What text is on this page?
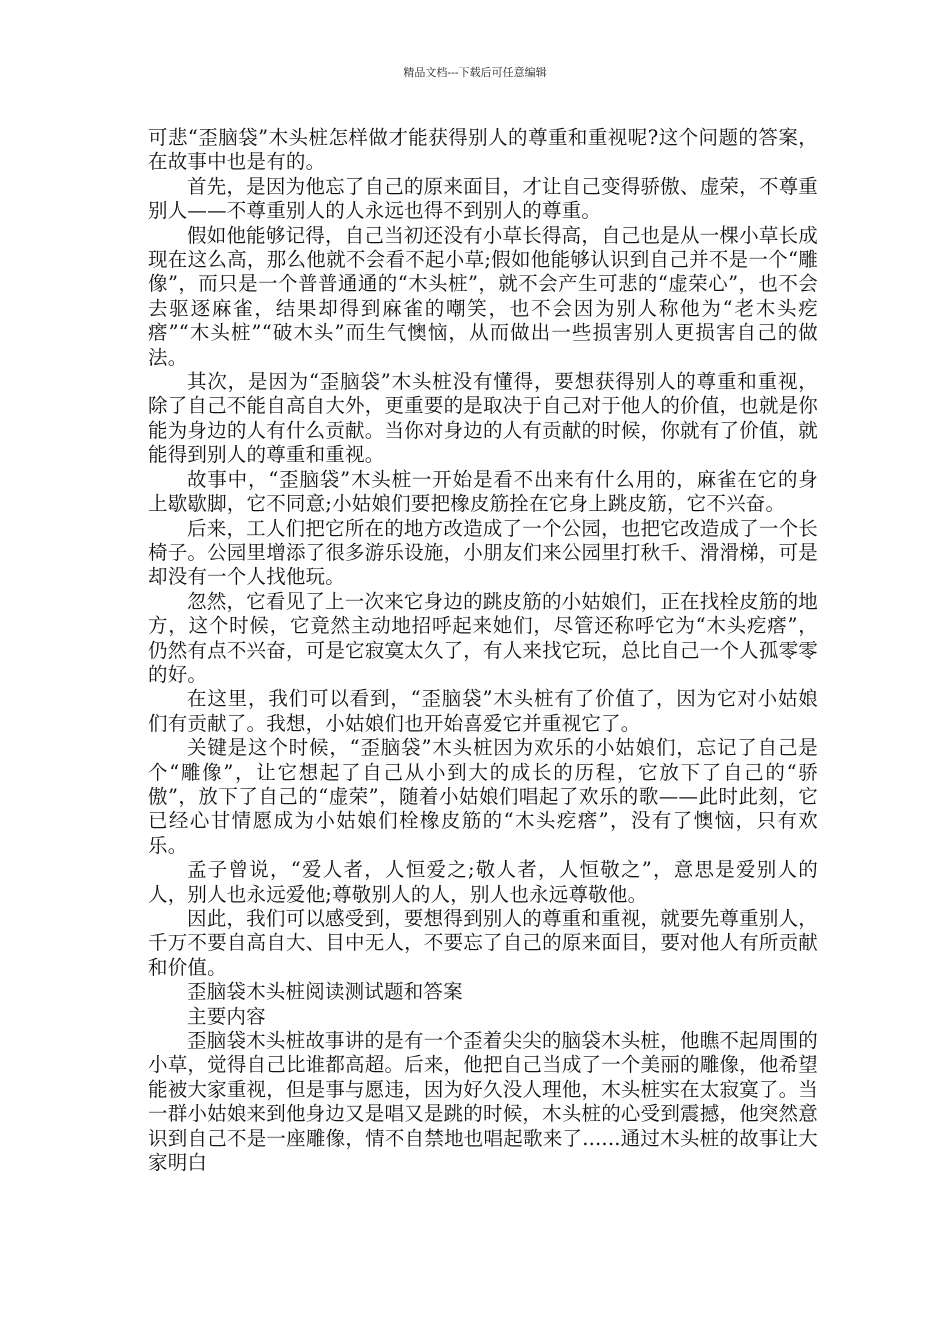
精品文档---下载后可任意编辑

可悲“歪脑袋”木头桩怎样做才能获得别人的尊重和重视呢?这个问题的答案，在故事中也是有的。

首先，是因为他忘了自己的原来面目，才让自己变得骄傲、虚荣，不尊重别人——不尊重别人的人永远也得不到别人的尊重。

假如他能够记得，自己当初还没有小草长得高，自己也是从一棵小草长成现在这么高，那么他就不会看不起小草;假如他能够认识到自己并不是一个“雕像”，而只是一个普普通通的“木头桩”，就不会产生可悲的“虚荣心”，也不会去驱逐麻雀，结果却得到麻雀的嘲笑，也不会因为别人称他为“老木头疙瘩”“木头桩”“破木头”而生气懊恼，从而做出一些损害别人更损害自己的做法。

其次，是因为“歪脑袋”木头桩没有懂得，要想获得别人的尊重和重视，除了自己不能自高自大外，更重要的是取决于自己对于他人的价值，也就是你能为身边的人有什么贡献。当你对身边的人有贡献的时候，你就有了价值，就能得到别人的尊重和重视。

故事中，“歪脑袋”木头桩一开始是看不出来有什么用的，麻雀在它的身上歇歇脚，它不同意;小姑娘们要把橡皮筋拴在它身上跳皮筋，它不兴奋。

后来，工人们把它所在的地方改造成了一个公园，也把它改造成了一个长椅子。公园里增添了很多游乐设施，小朋友们来公园里打秋千、滑滑梯，可是却没有一个人找他玩。

忽然，它看见了上一次来它身边的跳皮筋的小姑娘们，正在找栓皮筋的地方，这个时候，它竟然主动地招呼起来她们，尽管还称呼它为“木头疙瘩”，仍然有点不兴奋，可是它寂寞太久了，有人来找它玩，总比自己一个人孤零零的好。

在这里，我们可以看到，“歪脑袋”木头桩有了价值了，因为它对小姑娘们有贡献了。我想，小姑娘们也开始喜爱它并重视它了。

关键是这个时候，“歪脑袋”木头桩因为欢乐的小姑娘们，忘记了自己是个“雕像”，让它想起了自己从小到大的成长的历程，它放下了自己的“骄傲”，放下了自己的“虚荣”，随着小姑娘们唱起了欢乐的歌——此时此刻，它已经心甘情愿成为小姑娘们栓橡皮筋的“木头疙瘩”，没有了懊恼，只有欢乐。

孟子曾说，“爱人者，人恒爱之;敬人者，人恒敬之”，意思是爱别人的人，别人也永远爱他;尊敬别人的人，别人也永远尊敬他。

因此，我们可以感受到，要想得到别人的尊重和重视，就要先尊重别人，千万不要自高自大、目中无人，不要忘了自己的原来面目，要对他人有所贡献和价值。

歪脑袋木头桩阅读测试题和答案

主要内容

歪脑袋木头桩故事讲的是有一个歪着尖尖的脑袋木头桩，他瞧不起周围的小草，觉得自己比谁都高超。后来，他把自己当成了一个美丽的雕像，他希望能被大家重视，但是事与愿违，因为好久没人理他，木头桩实在太寂寞了。当一群小姑娘来到他身边又是唱又是跳的时候，木头桩的心受到震撼，他突然意识到自己不是一座雕像，情不自禁地也唱起歌来了......通过木头桩的故事让大家明白
